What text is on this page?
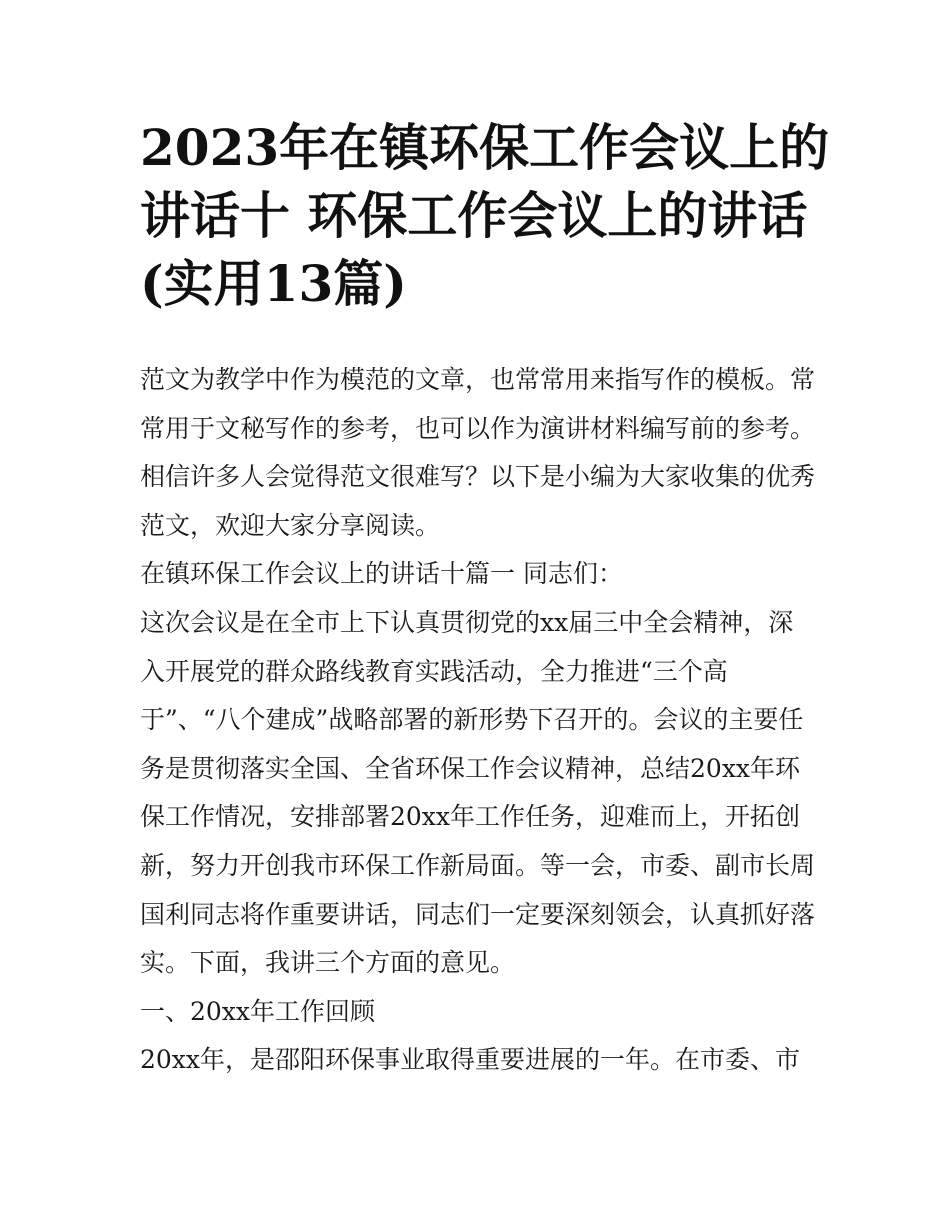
2023年在镇环保工作会议上的
讲话十 环保工作会议上的讲话
(实用13篇)
范文为教学中作为模范的文章，也常常用来指写作的模板。常
常用于文秘写作的参考，也可以作为演讲材料编写前的参考。
相信许多人会觉得范文很难写？以下是小编为大家收集的优秀
范文，欢迎大家分享阅读。
在镇环保工作会议上的讲话十篇一 同志们：
这次会议是在全市上下认真贯彻党的xx届三中全会精神，深
入开展党的群众路线教育实践活动，全力推进“三个高
于”、“八个建成”战略部署的新形势下召开的。会议的主要任
务是贯彻落实全国、全省环保工作会议精神，总结20xx年环
保工作情况，安排部署20xx年工作任务，迎难而上，开拓创
新，努力开创我市环保工作新局面。等一会，市委、副市长周
国利同志将作重要讲话，同志们一定要深刻领会，认真抓好落
实。下面，我讲三个方面的意见。
一、20xx年工作回顾
20xx年，是邵阳环保事业取得重要进展的一年。在市委、市
